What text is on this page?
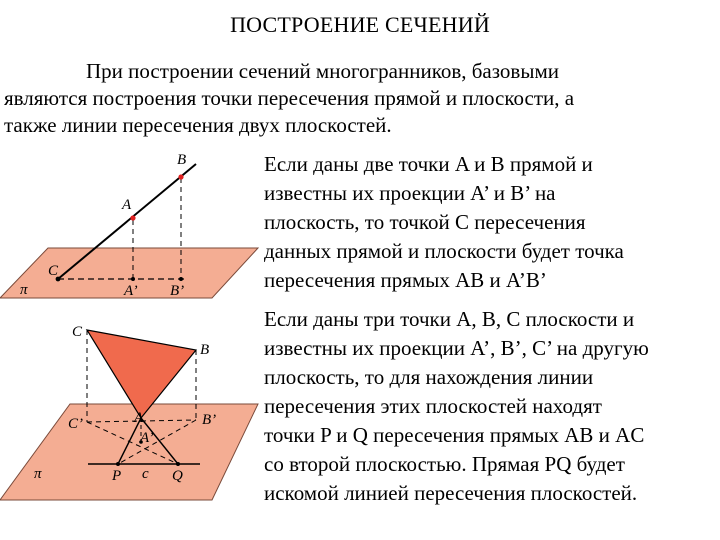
ПОСТРОЕНИЕ СЕЧЕНИЙ
При построении сечений многогранников, базовыми
являются построения точки пересечения прямой и плоскости, а
также линии пересечения двух плоскостей.
B
A
C
A’ B’
π
C
B
A
C’	B’
A’
P c Q
π
Если даны две точки A и B прямой и
известны их проекции A’ и B’ на
плоскость, то точкой C пересечения
данных прямой и плоскости будет точка
пересечения прямых AB и A’B’
Если даны три точки A, B, C плоскости и
известны их проекции A’, B’, C’ на другую
плоскость, то для нахождения линии
пересечения этих плоскостей находят
точки P и Q пересечения прямых AB и AC
со второй плоскостью. Прямая PQ будет
искомой линией пересечения плоскостей.
